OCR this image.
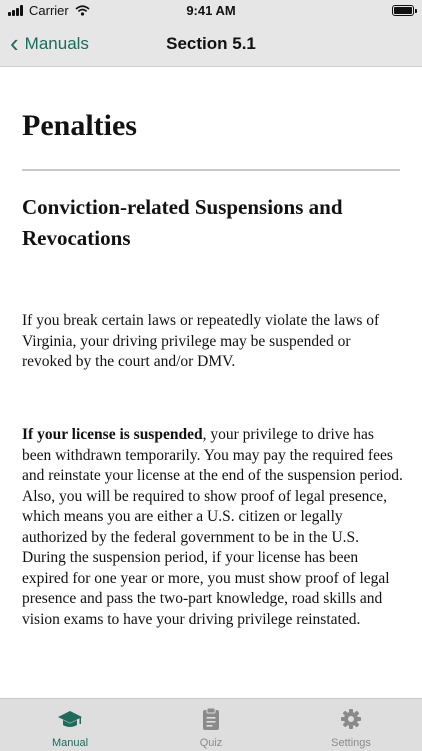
Carrier	9:41 AM
‹ Manuals	Section 5.1
Penalties
Conviction-related Suspensions and Revocations

If you break certain laws or repeatedly violate the laws of Virginia, your driving privilege may be suspended or revoked by the court and/or DMV.

If your license is suspended, your privilege to drive has been withdrawn temporarily. You may pay the required fees and reinstate your license at the end of the suspension period. Also, you will be required to show proof of legal presence, which means you are either a U.S. citizen or legally authorized by the federal government to be in the U.S. During the suspension period, if your license has been expired for one year or more, you must show proof of legal presence and pass the two-part knowledge, road skills and vision exams to have your driving privilege reinstated.

Manual	Quiz	Settings
